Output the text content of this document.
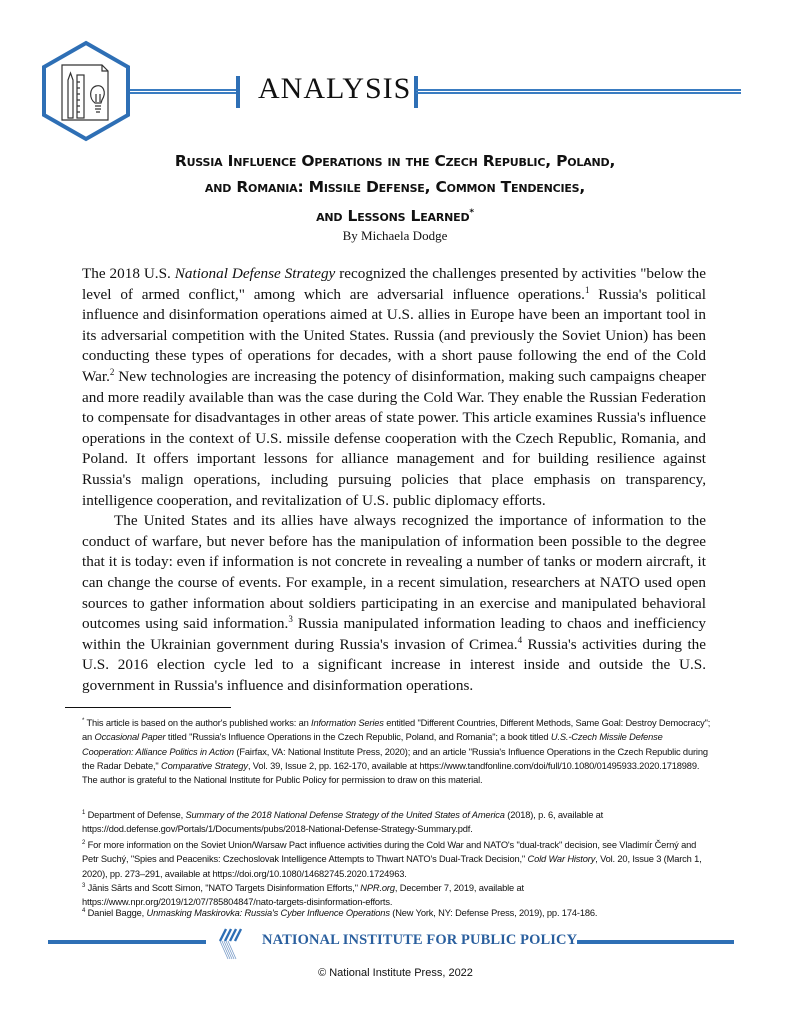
ANALYSIS
Russia Influence Operations in the Czech Republic, Poland,
and Romania: Missile Defense, Common Tendencies,
and Lessons Learned*
By Michaela Dodge

The 2018 U.S. National Defense Strategy recognized the challenges presented by activities "below the level of armed conflict," among which are adversarial influence operations.$^1$ Russia's political influence and disinformation operations aimed at U.S. allies in Europe have been an important tool in its adversarial competition with the United States. Russia (and previously the Soviet Union) has been conducting these types of operations for decades, with a short pause following the end of the Cold War.$^2$ New technologies are increasing the potency of disinformation, making such campaigns cheaper and more readily available than was the case during the Cold War. They enable the Russian Federation to compensate for disadvantages in other areas of state power. This article examines Russia's influence operations in the context of U.S. missile defense cooperation with the Czech Republic, Romania, and Poland. It offers important lessons for alliance management and for building resilience against Russia's malign operations, including pursuing policies that place emphasis on transparency, intelligence cooperation, and revitalization of U.S. public diplomacy efforts.

The United States and its allies have always recognized the importance of information to the conduct of warfare, but never before has the manipulation of information been possible to the degree that it is today: even if information is not concrete in revealing a number of tanks or modern aircraft, it can change the course of events. For example, in a recent simulation, researchers at NATO used open sources to gather information about soldiers participating in an exercise and manipulated behavioral outcomes using said information.$^3$ Russia manipulated information leading to chaos and inefficiency within the Ukrainian government during Russia's invasion of Crimea.$^4$ Russia's activities during the U.S. 2016 election cycle led to a significant increase in interest inside and outside the U.S. government in Russia's influence and disinformation operations.

* This article is based on the author's published works: an Information Series entitled "Different Countries, Different Methods, Same Goal: Destroy Democracy"; an Occasional Paper titled "Russia's Influence Operations in the Czech Republic, Poland, and Romania"; a book titled U.S.-Czech Missile Defense Cooperation: Alliance Politics in Action (Fairfax, VA: National Institute Press, 2020); and an article "Russia's Influence Operations in the Czech Republic during the Radar Debate," Comparative Strategy, Vol. 39, Issue 2, pp. 162-170, available at https://www.tandfonline.com/doi/full/10.1080/01495933.2020.1718989. The author is grateful to the National Institute for Public Policy for permission to draw on this material.
$^1$ Department of Defense, Summary of the 2018 National Defense Strategy of the United States of America (2018), p. 6, available at https://dod.defense.gov/Portals/1/Documents/pubs/2018-National-Defense-Strategy-Summary.pdf.
$^2$ For more information on the Soviet Union/Warsaw Pact influence activities during the Cold War and NATO's "dual-track" decision, see Vladimír Černý and Petr Suchý, "Spies and Peaceniks: Czechoslovak Intelligence Attempts to Thwart NATO's Dual-Track Decision," Cold War History, Vol. 20, Issue 3 (March 1, 2020), pp. 273–291, available at https://doi.org/10.1080/14682745.2020.1724963.
$^3$ Jānis Sārts and Scott Simon, "NATO Targets Disinformation Efforts," NPR.org, December 7, 2019, available at https://www.npr.org/2019/12/07/785804847/nato-targets-disinformation-efforts.
$^4$ Daniel Bagge, Unmasking Maskirovka: Russia's Cyber Influence Operations (New York, NY: Defense Press, 2019), pp. 174-186.
NATIONAL INSTITUTE FOR PUBLIC POLICY
© National Institute Press, 2022
